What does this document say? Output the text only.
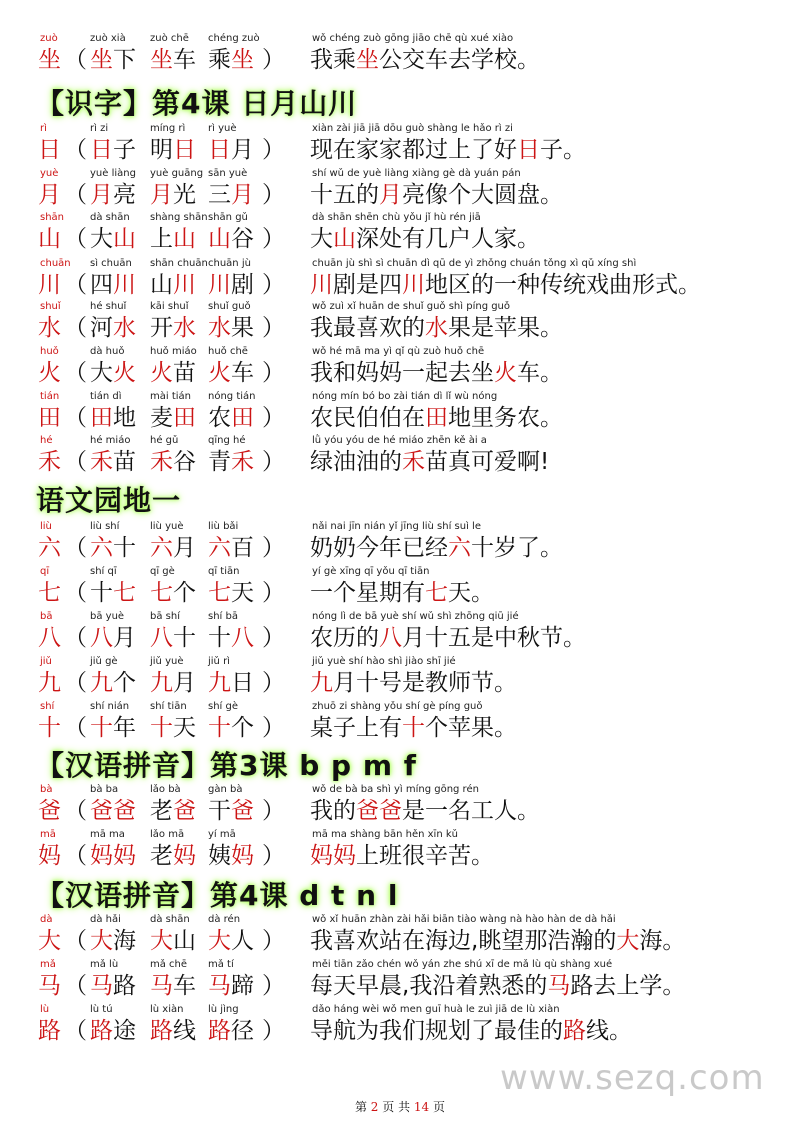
【识字】第4课 日月山川
语文园地一
【汉语拼音】第3课 b p m f
【汉语拼音】第4课 d t n l
zuò
坐 （
zuò xià
坐下
zuò chē
坐车
chéng zuò
乘坐 ）
wǒ chéng zuò gōng jiāo chē qù xué xiào
我乘坐公交车去学校。
rì
日 （
rì zi
日子
míng rì
明日
rì yuè
日月 ）
xiàn zài jiā jiā dōu guò shàng le hǎo rì zi
现在家家都过上了好日子。
yuè
月 （
yuè liàng
月亮
yuè guāng
月光
sān yuè
三月 ）
shí wǔ de yuè liàng xiàng gè dà yuán pán
十五的月亮像个大圆盘。
shān
山 （
dà shān
大山
shàng shān
上山
shān gǔ
山谷 ）
dà shān shēn chù yǒu jǐ hù rén jiā
大山深处有几户人家。
chuān
川 （
sì chuān
四川
shān chuān
山川
chuān jù
川剧 ）
chuān jù shì sì chuān dì qū de yì zhǒng chuán tǒng xì qǔ xíng shì
川剧是四川地区的一种传统戏曲形式。
shuǐ
水 （
hé shuǐ
河水
kāi shuǐ
开水
shuǐ guǒ
水果 ）
wǒ zuì xǐ huān de shuǐ guǒ shì píng guǒ
我最喜欢的水果是苹果。
huǒ
火 （
dà huǒ
大火
huǒ miáo
火苗
huǒ chē
火车 ）
wǒ hé mā ma yì qǐ qù zuò huǒ chē
我和妈妈一起去坐火车。
tián
田 （
tián dì
田地
mài tián
麦田
nóng tián
农田 ）
nóng mín bó bo zài tián dì lǐ wù nóng
农民伯伯在田地里务农。
hé
禾 （
hé miáo
禾苗
hé gǔ
禾谷
qīng hé
青禾 ）
lǜ yóu yóu de hé miáo zhēn kě ài a
绿油油的禾苗真可爱啊!
liù
六 （
liù shí
六十
liù yuè
六月
liù bǎi
六百 ）
nǎi nai jīn nián yǐ jīng liù shí suì le
奶奶今年已经六十岁了。
qī
七 （
shí qī
十七
qī gè
七个
qī tiān
七天 ）
yí gè xīng qī yǒu qī tiān
一个星期有七天。
bā
八 （
bā yuè
八月
bā shí
八十
shí bā
十八 ）
nóng lì de bā yuè shí wǔ shì zhōng qiū jié
农历的八月十五是中秋节。
jiǔ
九 （
jiǔ gè
九个
jiǔ yuè
九月
jiǔ rì
九日 ）
jiǔ yuè shí hào shì jiào shī jié
九月十号是教师节。
shí
十 （
shí nián
十年
shí tiān
十天
shí gè
十个 ）
zhuō zi shàng yǒu shí gè píng guǒ
桌子上有十个苹果。
bà
爸 （
bà ba
爸爸
lǎo bà
老爸
gàn bà
干爸 ）
wǒ de bà ba shì yì míng gōng rén
我的爸爸是一名工人。
mā
妈 （
mā ma
妈妈
lǎo mā
老妈
yí mā
姨妈 ）
mā ma shàng bān hěn xīn kǔ
妈妈上班很辛苦。
dà
大 （
dà hǎi
大海
dà shān
大山
dà rén
大人 ）
wǒ xǐ huān zhàn zài hǎi biān tiào wàng nà hào hàn de dà hǎi
我喜欢站在海边,眺望那浩瀚的大海。
mǎ
马 （
mǎ lù
马路
mǎ chē
马车
mǎ tí
马蹄 ）
měi tiān zǎo chén wǒ yán zhe shú xī de mǎ lù qù shàng xué
每天早晨,我沿着熟悉的马路去上学。
lù
路 （
lù tú
路途
lù xiàn
路线
lù jìng
路径 ）
dǎo háng wèi wǒ men guī huà le zuì jiā de lù xiàn
导航为我们规划了最佳的路线。
www.sezq.com
第 2 页 共 14 页
